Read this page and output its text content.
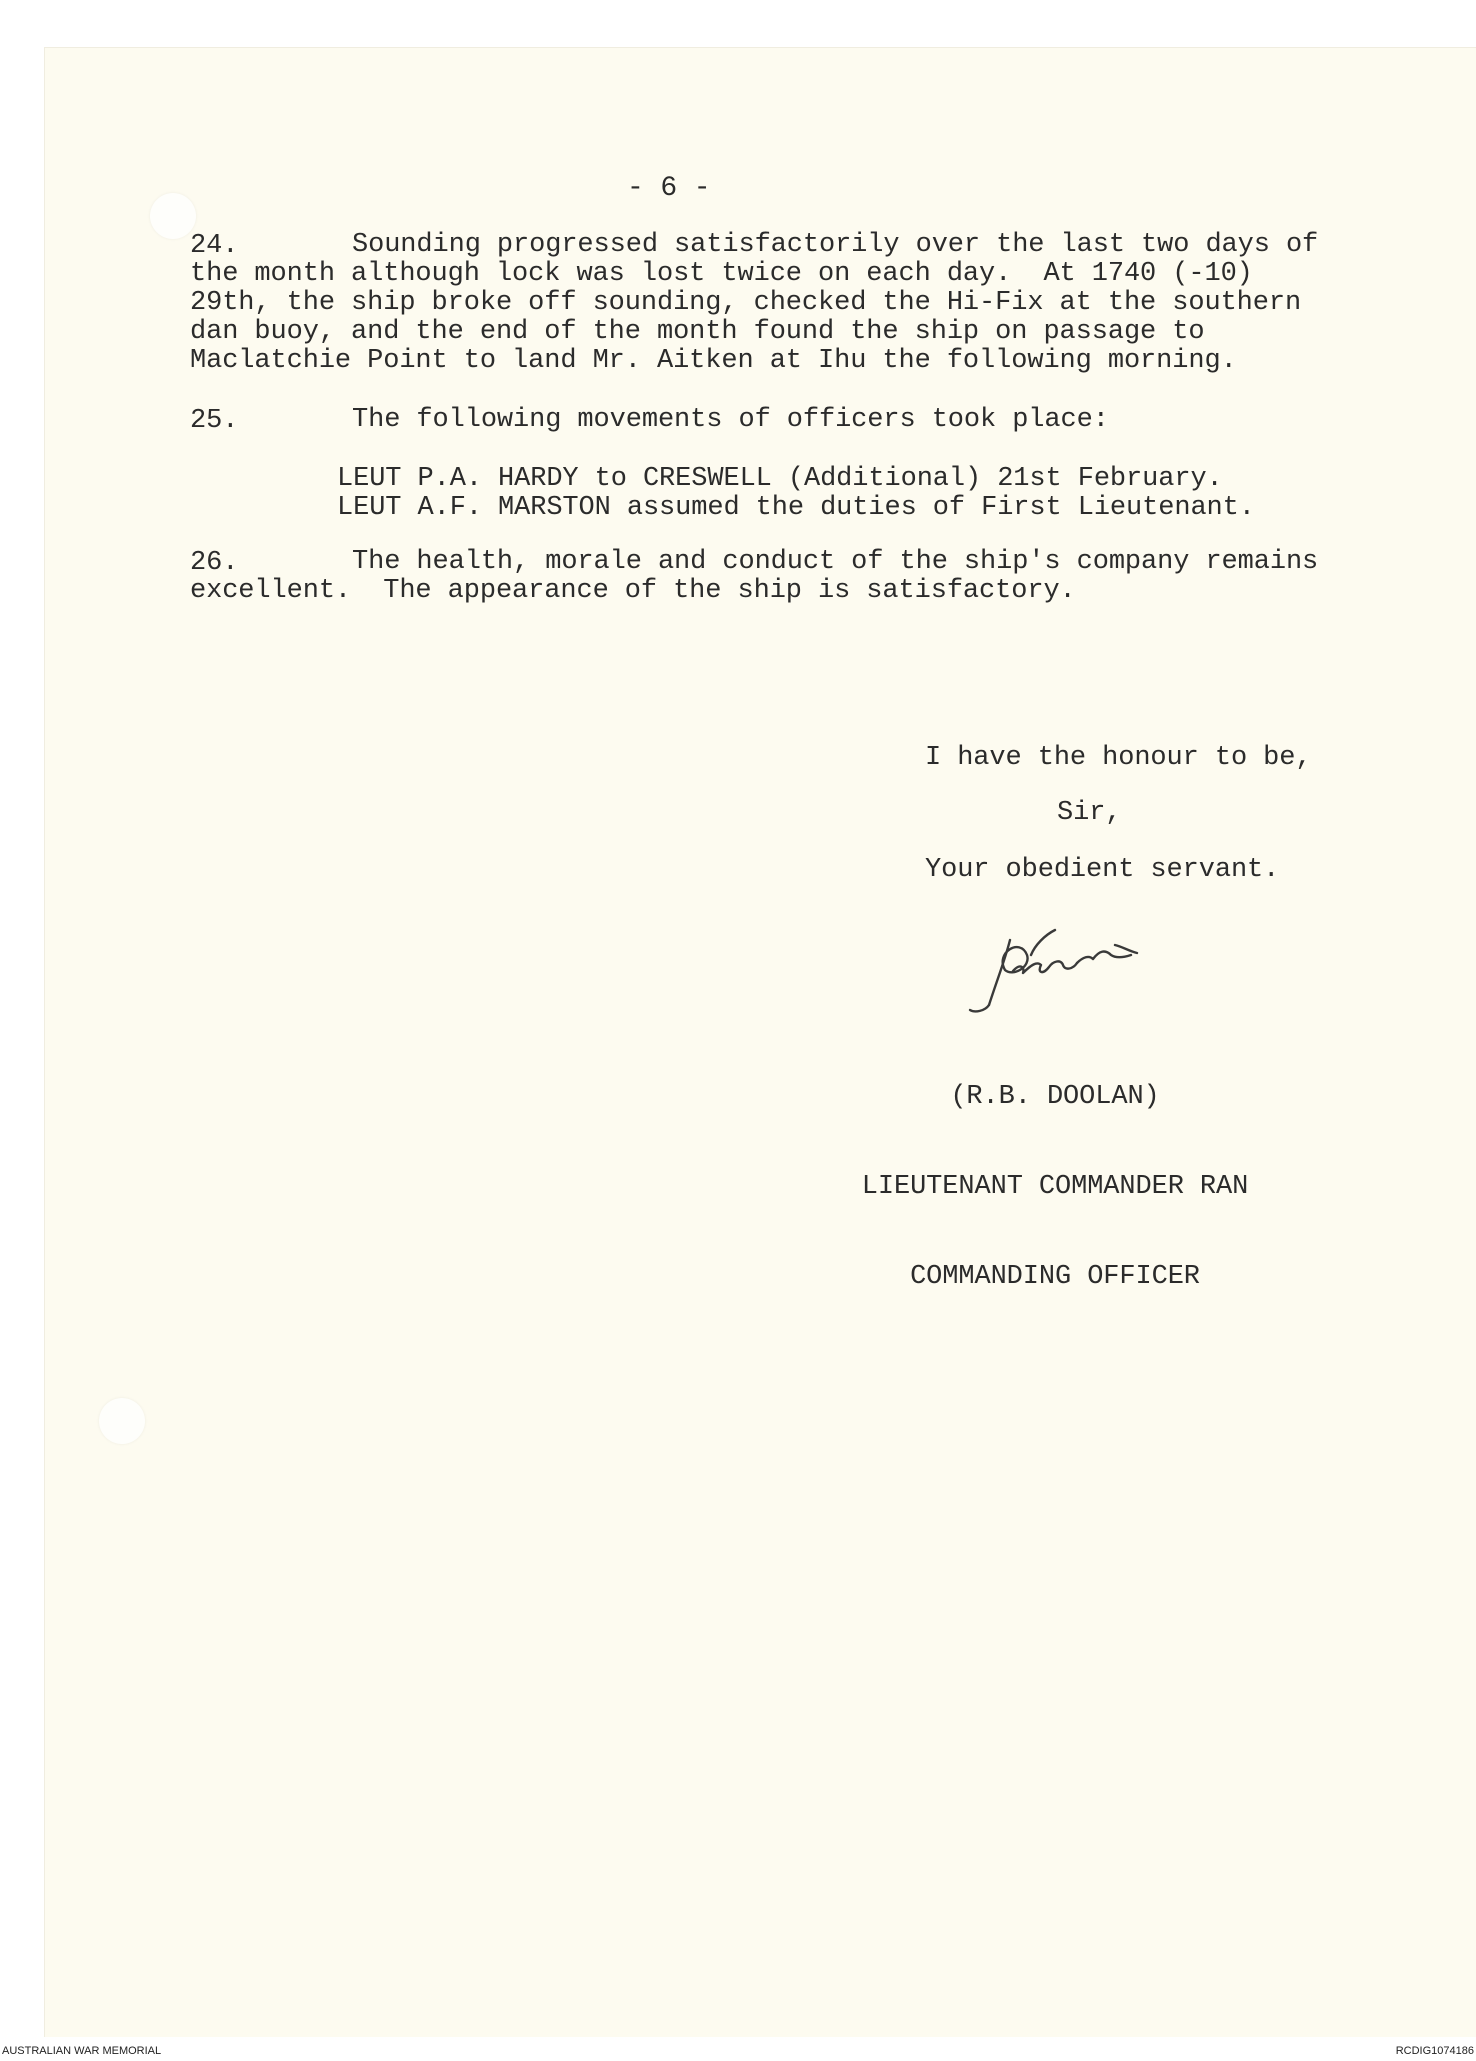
- 6 -
24.	Sounding progressed satisfactorily over the last two days of
the month although lock was lost twice on each day.  At 1740 (-10)
29th, the ship broke off sounding, checked the Hi-Fix at the southern
dan buoy, and the end of the month found the ship on passage to
Maclatchie Point to land Mr. Aitken at Ihu the following morning.
25.	The following movements of officers took place:
LEUT P.A. HARDY to CRESWELL (Additional) 21st February.
LEUT A.F. MARSTON assumed the duties of First Lieutenant.
26.	The health, morale and conduct of the ship's company remains
excellent.  The appearance of the ship is satisfactory.
I have the honour to be,
Sir,
Your obedient servant.

(R.B. DOOLAN)

LIEUTENANT COMMANDER RAN

COMMANDING OFFICER

AUSTRALIAN WAR MEMORIAL	RCDIG1074186
